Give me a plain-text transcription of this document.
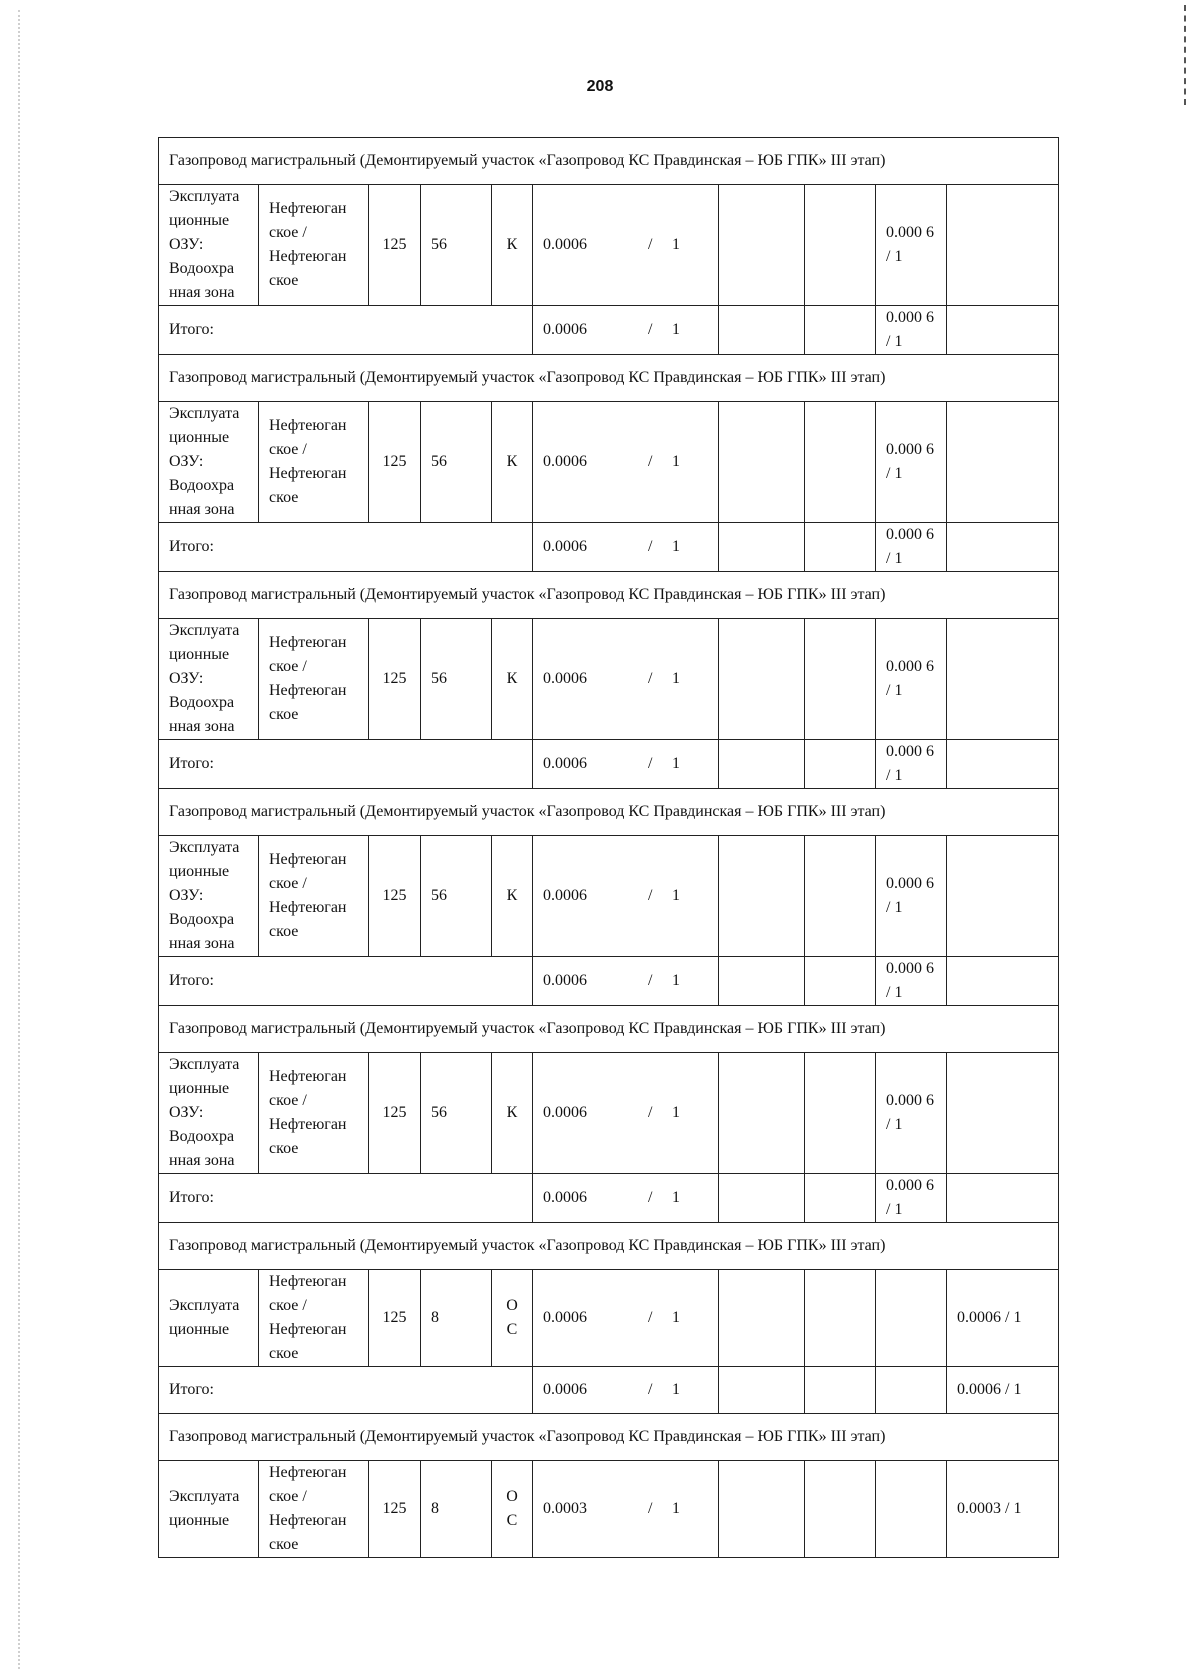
208
Газопровод магистральный (Демонтируемый участок «Газопровод КС Правдинская – ЮБ ГПК» III этап)									
Эксплуата ционные ОЗУ: Водоохра нная зона	Нефтеюган ское / Нефтеюган ское	125	56	К	0.0006 / 1			0.000 6 / 1	
Итого:					0.0006 / 1			0.000 6 / 1	
Газопровод магистральный (Демонтируемый участок «Газопровод КС Правдинская – ЮБ ГПК» III этап)									
Эксплуата ционные ОЗУ: Водоохра нная зона	Нефтеюган ское / Нефтеюган ское	125	56	К	0.0006 / 1			0.000 6 / 1	
Итого:					0.0006 / 1			0.000 6 / 1	
Газопровод магистральный (Демонтируемый участок «Газопровод КС Правдинская – ЮБ ГПК» III этап)									
Эксплуата ционные ОЗУ: Водоохра нная зона	Нефтеюган ское / Нефтеюган ское	125	56	К	0.0006 / 1			0.000 6 / 1	
Итого:					0.0006 / 1			0.000 6 / 1	
Газопровод магистральный (Демонтируемый участок «Газопровод КС Правдинская – ЮБ ГПК» III этап)									
Эксплуата ционные ОЗУ: Водоохра нная зона	Нефтеюган ское / Нефтеюган ское	125	56	К	0.0006 / 1			0.000 6 / 1	
Итого:					0.0006 / 1			0.000 6 / 1	
Газопровод магистральный (Демонтируемый участок «Газопровод КС Правдинская – ЮБ ГПК» III этап)									
Эксплуата ционные ОЗУ: Водоохра нная зона	Нефтеюган ское / Нефтеюган ское	125	56	К	0.0006 / 1			0.000 6 / 1	
Итого:					0.0006 / 1			0.000 6 / 1	
Газопровод магистральный (Демонтируемый участок «Газопровод КС Правдинская – ЮБ ГПК» III этап)									
Эксплуата ционные	Нефтеюган ское / Нефтеюган ское	125	8	О С	0.0006 / 1				0.0006 / 1
Итого:					0.0006 / 1				0.0006 / 1
Газопровод магистральный (Демонтируемый участок «Газопровод КС Правдинская – ЮБ ГПК» III этап)									
Эксплуата ционные	Нефтеюган ское / Нефтеюган ское	125	8	О С	0.0003 / 1				0.0003 / 1
